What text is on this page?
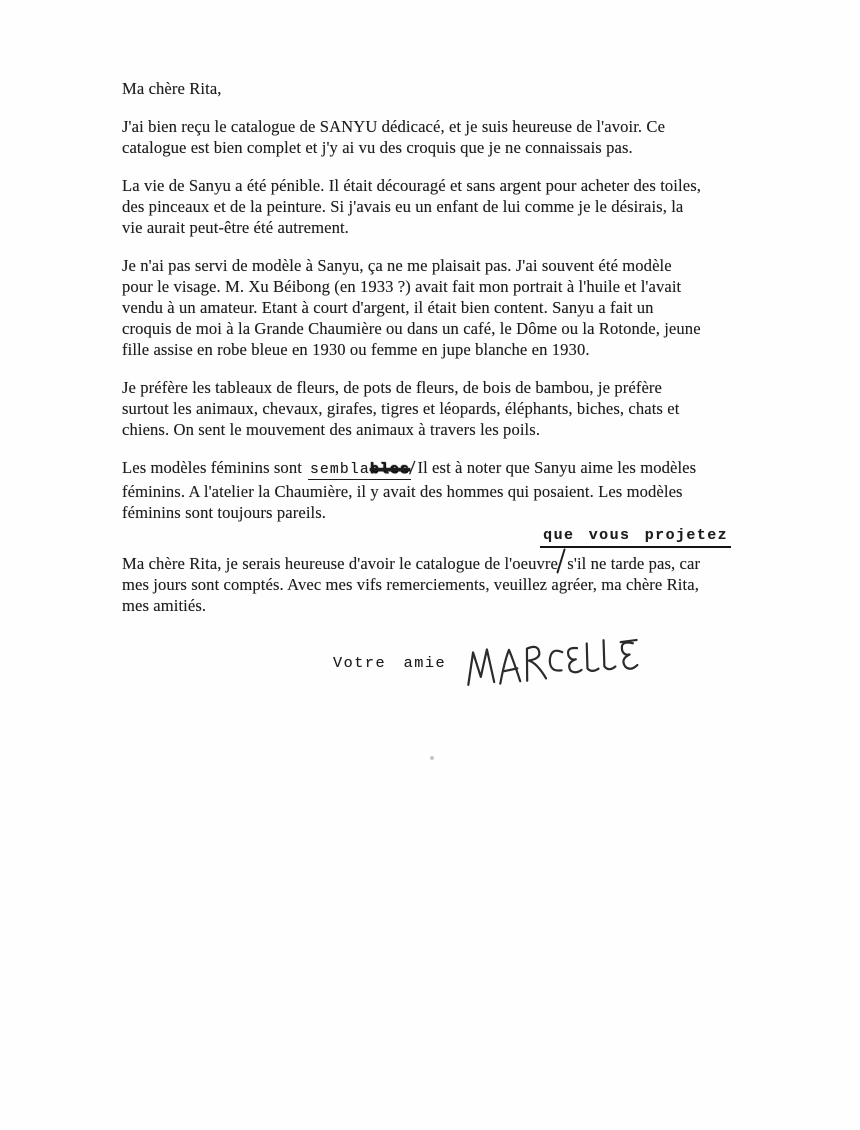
Ma chère Rita,
J'ai bien reçu le catalogue de SANYU dédicacé, et je suis heureuse de l'avoir. Ce
catalogue est bien complet et j'y ai vu des croquis que je ne connaissais pas.
La vie de Sanyu a été pénible. Il était découragé et sans argent pour acheter des toiles,
des pinceaux et de la peinture. Si j'avais eu un enfant de lui comme je le désirais, la
vie aurait peut-être été autrement.
Je n'ai pas servi de modèle à Sanyu, ça ne me plaisait pas. J'ai souvent été modèle
pour le visage. M. Xu Béibong (en 1933 ?) avait fait mon portrait à l'huile et l'avait
vendu à un amateur. Etant à court d'argent, il était bien content. Sanyu a fait un
croquis de moi à la Grande Chaumière ou dans un café, le Dôme ou la Rotonde, jeune
fille assise en robe bleue en 1930 ou femme en jupe blanche en 1930.
Je préfère les tableaux de fleurs, de pots de fleurs, de bois de bambou, je préfère
surtout les animaux, chevaux, girafes, tigres et léopards, éléphants, biches, chats et
chiens. On sent le mouvement des animaux à travers les poils.
Les modèles féminins sont semblables/ Il est à noter que Sanyu aime les modèles
féminins. A l'atelier la Chaumière, il y avait des hommes qui posaient. Les modèles
féminins sont toujours pareils.
que vous projetez
Ma chère Rita, je serais heureuse d'avoir le catalogue de l'oeuvre s'il ne tarde pas, car
mes jours sont comptés. Avec mes vifs remerciements, veuillez agréer, ma chère Rita,
mes amitiés.
Votre amie
